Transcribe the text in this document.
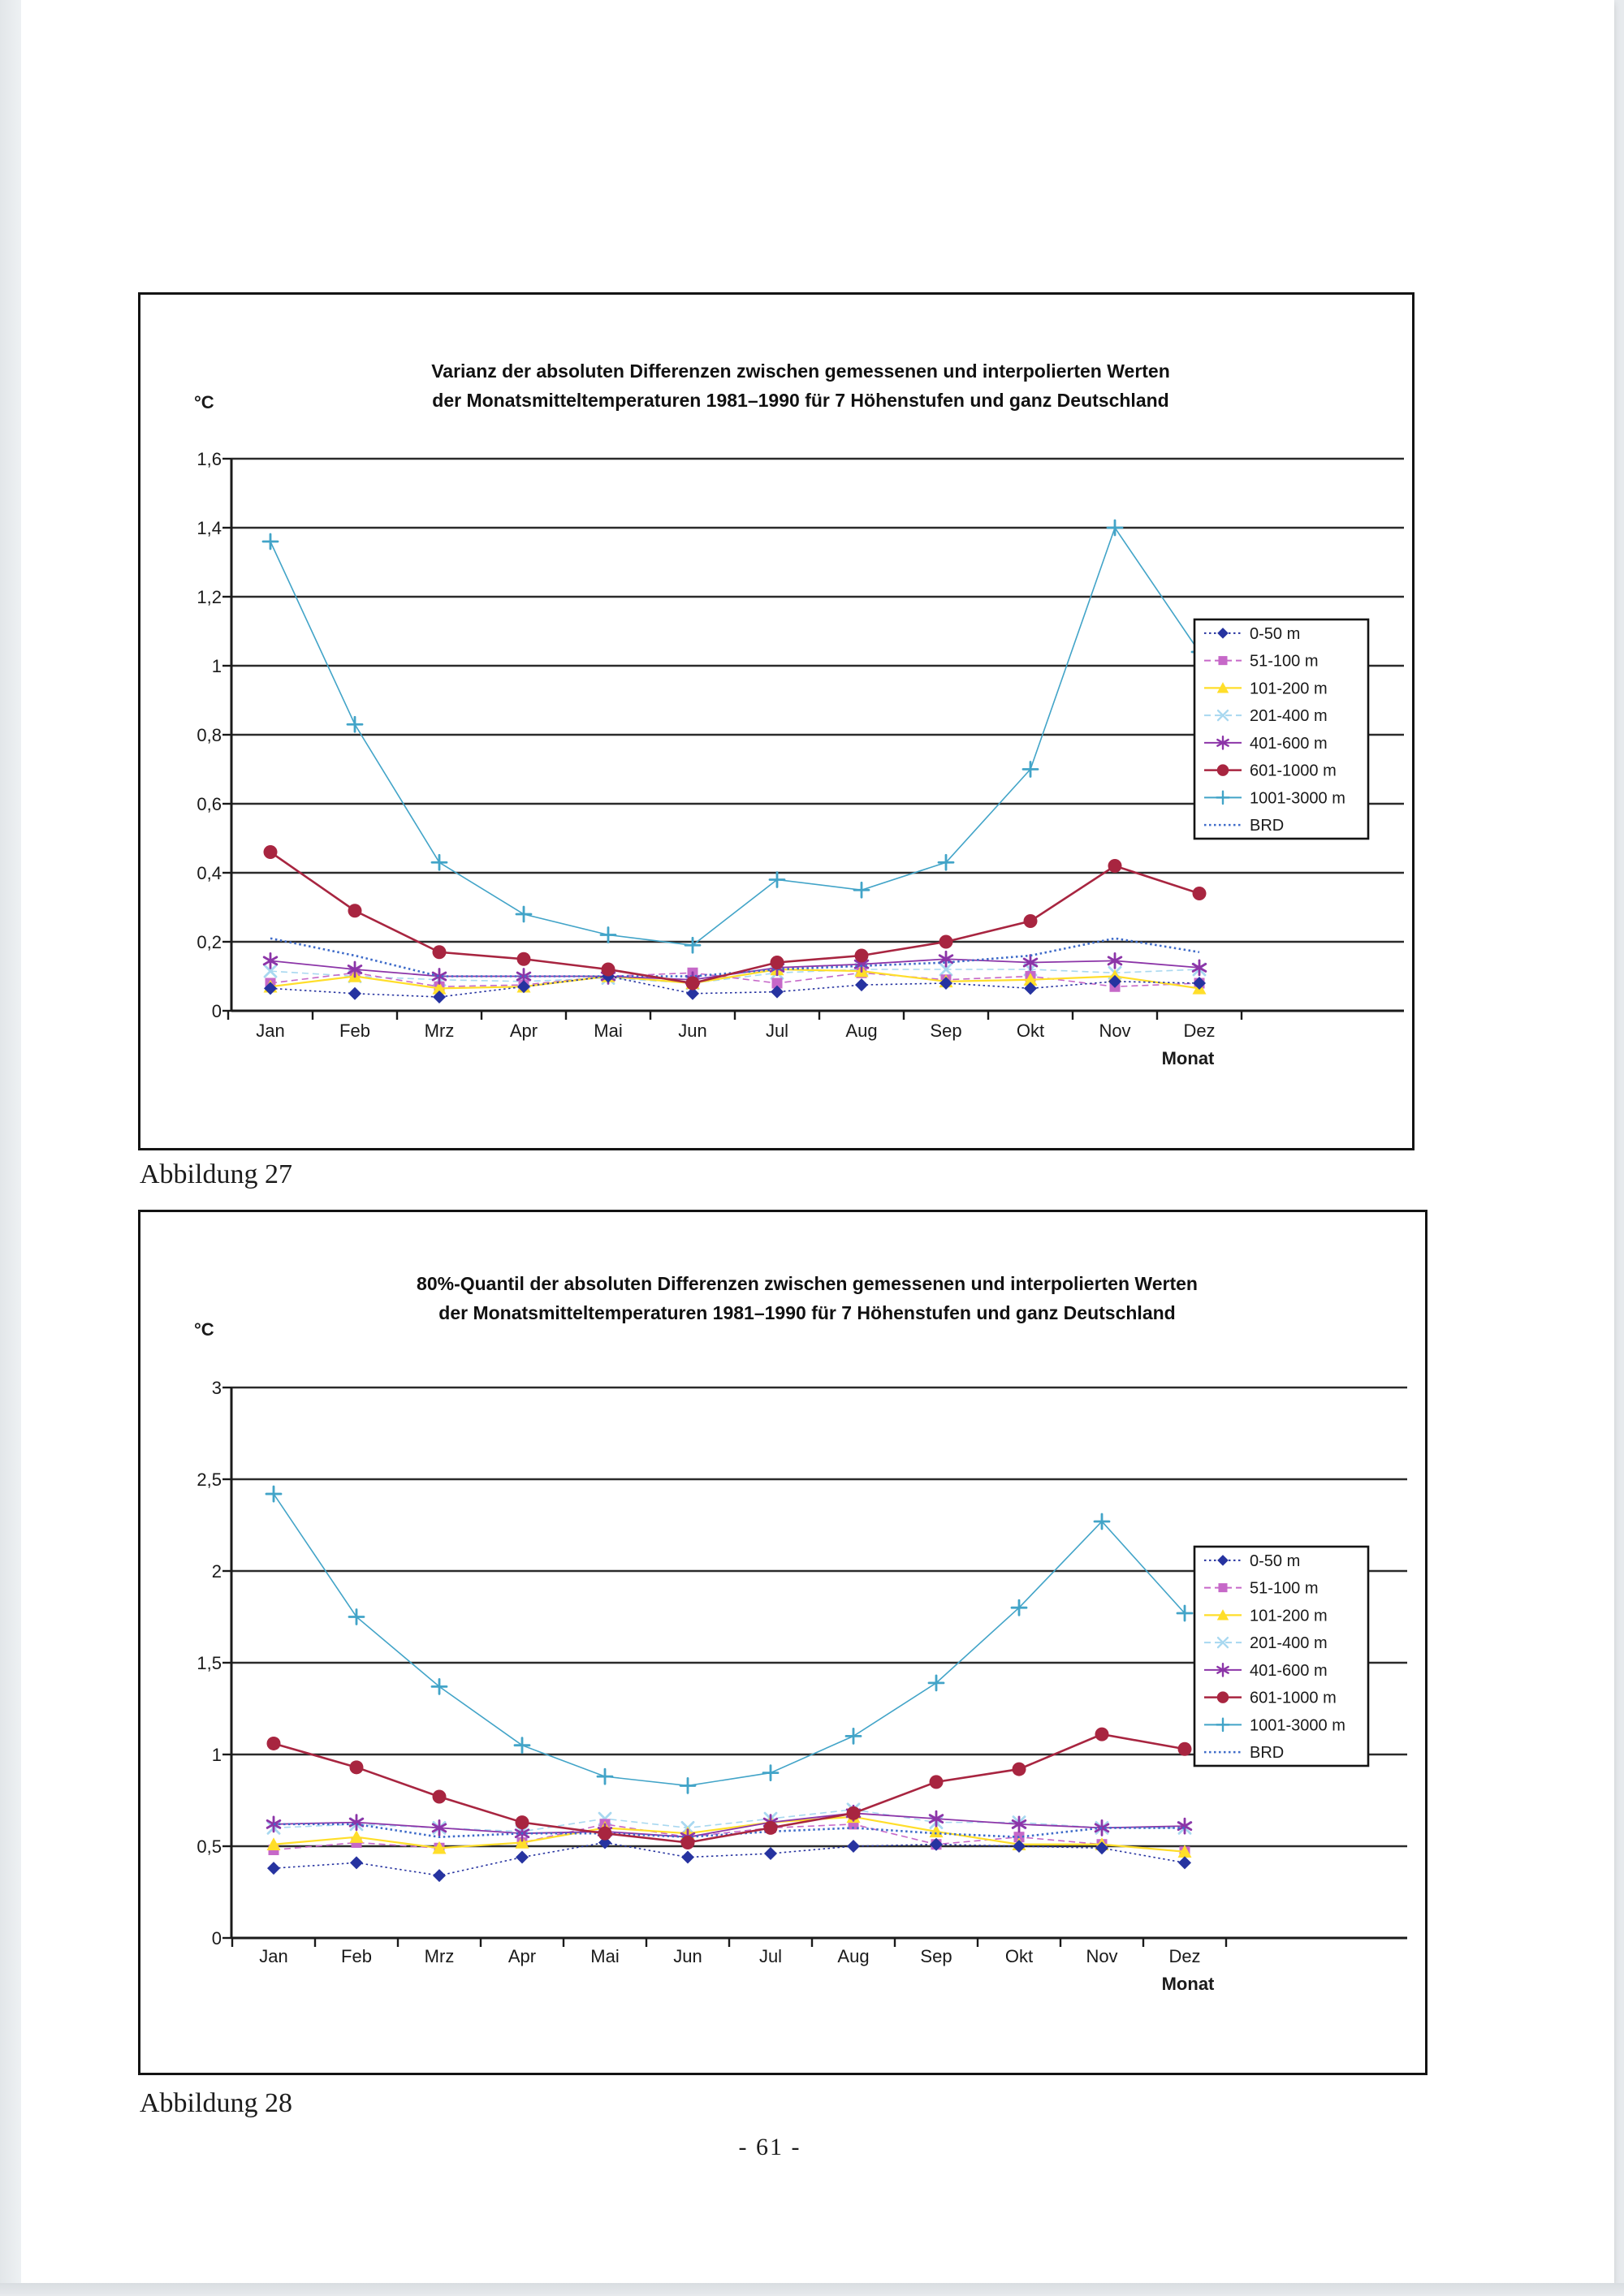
Varianz der absoluten Differenzen zwischen gemessenen und interpolierten Werten
der Monatsmitteltemperaturen 1981–1990 für 7 Höhenstufen und ganz Deutschland
1,6
1,4
1,2
1
0,8
0,6
0,4
0,2
0
°C
Jan	Feb	Mrz	Apr	Mai	Jun	Jul	Aug	Sep	Okt	Nov	Dez
Monat
0-50 m
51-100 m
101-200 m
201-400 m
401-600 m
601-1000 m
1001-3000 m
BRD
Abbildung 27
80%-Quantil der absoluten Differenzen zwischen gemessenen und interpolierten Werten
der Monatsmitteltemperaturen 1981–1990 für 7 Höhenstufen und ganz Deutschland
3
2,5
2
1,5
1
0,5
0
°C
Jan	Feb	Mrz	Apr	Mai	Jun	Jul	Aug	Sep	Okt	Nov	Dez
Monat
0-50 m
51-100 m
101-200 m
201-400 m
401-600 m
601-1000 m
1001-3000 m
BRD
Abbildung 28
- 61 -
